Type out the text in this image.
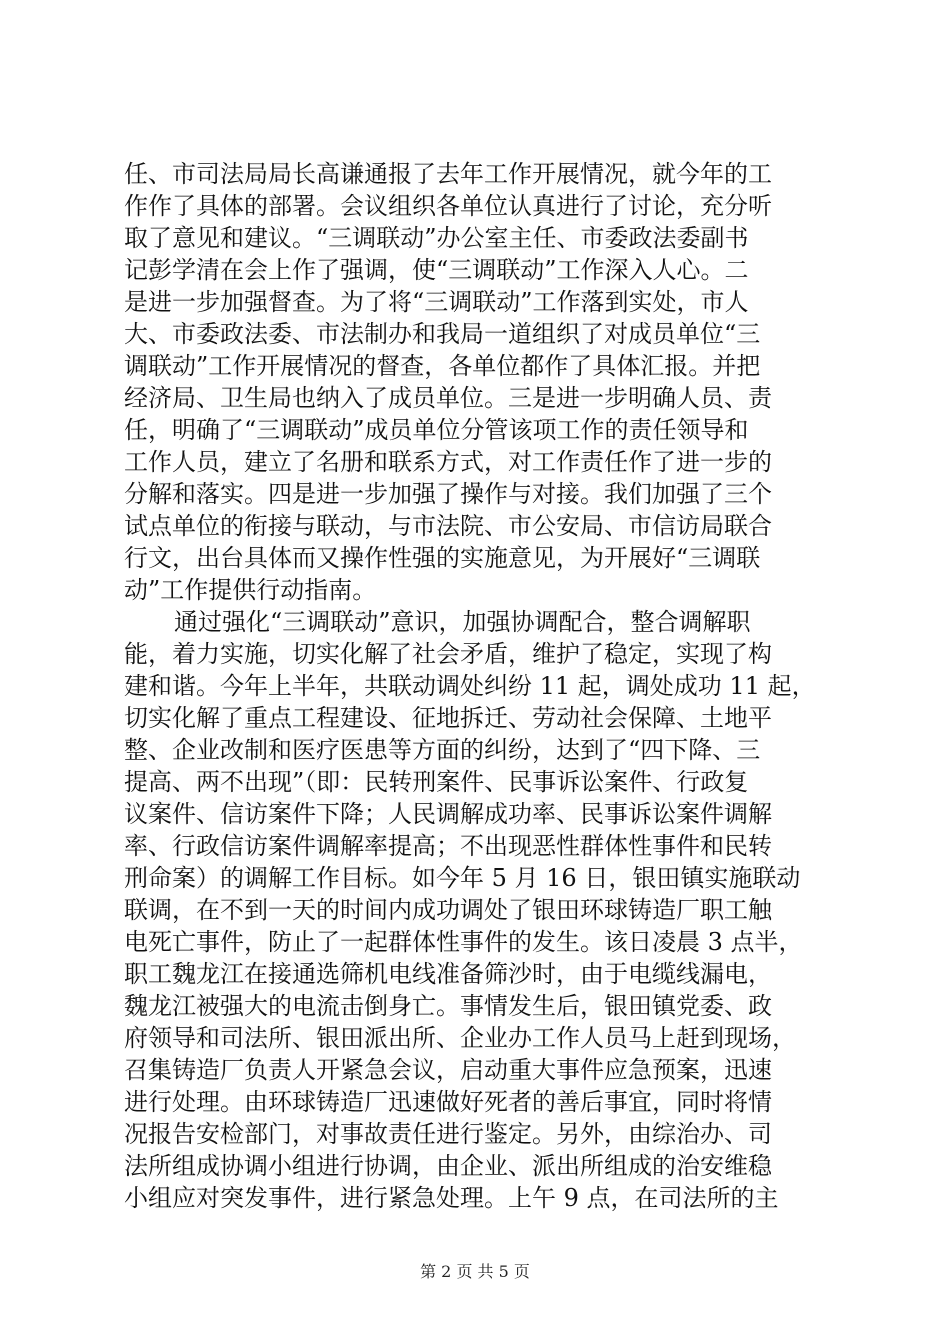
任、市司法局局长高谦通报了去年工作开展情况，就今年的工
作作了具体的部署。会议组织各单位认真进行了讨论，充分听
取了意见和建议。“三调联动”办公室主任、市委政法委副书
记彭学清在会上作了强调，使“三调联动”工作深入人心。二
是进一步加强督查。为了将“三调联动”工作落到实处，市人
大、市委政法委、市法制办和我局一道组织了对成员单位“三
调联动”工作开展情况的督查，各单位都作了具体汇报。并把
经济局、卫生局也纳入了成员单位。三是进一步明确人员、责
任，明确了“三调联动”成员单位分管该项工作的责任领导和
工作人员，建立了名册和联系方式，对工作责任作了进一步的
分解和落实。四是进一步加强了操作与对接。我们加强了三个
试点单位的衔接与联动，与市法院、市公安局、市信访局联合
行文，出台具体而又操作性强的实施意见，为开展好“三调联
动”工作提供行动指南。
通过强化“三调联动”意识，加强协调配合，整合调解职
能，着力实施，切实化解了社会矛盾，维护了稳定，实现了构
建和谐。今年上半年，共联动调处纠纷 11 起，调处成功 11 起，
切实化解了重点工程建设、征地拆迁、劳动社会保障、土地平
整、企业改制和医疗医患等方面的纠纷，达到了“四下降、三
提高、两不出现”（即：民转刑案件、民事诉讼案件、行政复
议案件、信访案件下降；人民调解成功率、民事诉讼案件调解
率、行政信访案件调解率提高；不出现恶性群体性事件和民转
刑命案）的调解工作目标。如今年 5 月 16 日，银田镇实施联动
联调，在不到一天的时间内成功调处了银田环球铸造厂职工触
电死亡事件，防止了一起群体性事件的发生。该日凌晨 3 点半，
职工魏龙江在接通选筛机电线准备筛沙时，由于电缆线漏电，
魏龙江被强大的电流击倒身亡。事情发生后，银田镇党委、政
府领导和司法所、银田派出所、企业办工作人员马上赶到现场，
召集铸造厂负责人开紧急会议，启动重大事件应急预案，迅速
进行处理。由环球铸造厂迅速做好死者的善后事宜，同时将情
况报告安检部门，对事故责任进行鉴定。另外，由综治办、司
法所组成协调小组进行协调，由企业、派出所组成的治安维稳
小组应对突发事件，进行紧急处理。上午 9 点，在司法所的主
第 2 页 共 5 页
